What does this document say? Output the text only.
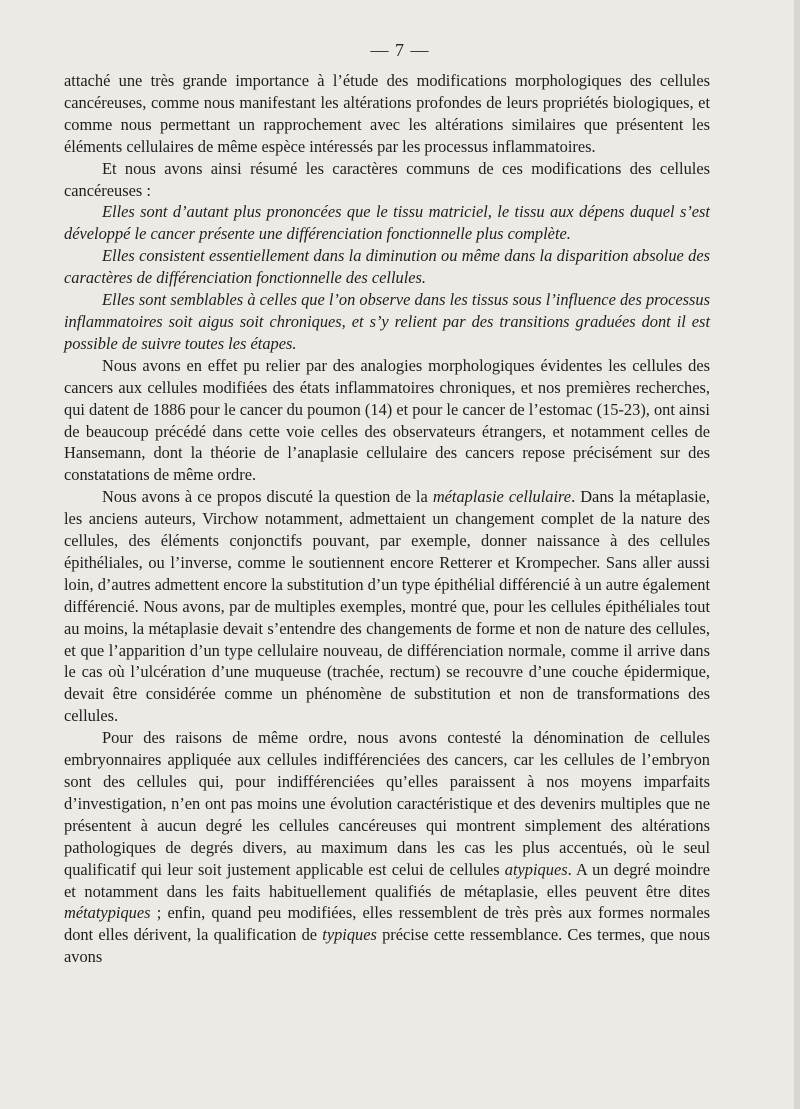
— 7 —

attaché une très grande importance à l’étude des modifications morphologiques des cellules cancéreuses, comme nous manifestant les altérations profondes de leurs propriétés biologiques, et comme nous permettant un rapprochement avec les altérations similaires que présentent les éléments cellulaires de même espèce intéressés par les processus inflammatoires.

Et nous avons ainsi résumé les caractères communs de ces modifications des cellules cancéreuses :

Elles sont d’autant plus prononcées que le tissu matriciel, le tissu aux dépens duquel s’est développé le cancer présente une différenciation fonctionnelle plus complète.

Elles consistent essentiellement dans la diminution ou même dans la disparition absolue des caractères de différenciation fonctionnelle des cellules.

Elles sont semblables à celles que l’on observe dans les tissus sous l’influence des processus inflammatoires soit aigus soit chroniques, et s’y relient par des transitions graduées dont il est possible de suivre toutes les étapes.

Nous avons en effet pu relier par des analogies morphologiques évidentes les cellules des cancers aux cellules modifiées des états inflammatoires chroniques, et nos premières recherches, qui datent de 1886 pour le cancer du poumon (14) et pour le cancer de l’estomac (15-23), ont ainsi de beaucoup précédé dans cette voie celles des observateurs étrangers, et notamment celles de Hansemann, dont la théorie de l’anaplasie cellulaire des cancers repose précisément sur des constatations de même ordre.

Nous avons à ce propos discuté la question de la métaplasie cellulaire. Dans la métaplasie, les anciens auteurs, Virchow notamment, admettaient un changement complet de la nature des cellules, des éléments conjonctifs pouvant, par exemple, donner naissance à des cellules épithéliales, ou l’inverse, comme le soutiennent encore Retterer et Krompecher. Sans aller aussi loin, d’autres admettent encore la substitution d’un type épithélial différencié à un autre également différencié. Nous avons, par de multiples exemples, montré que, pour les cellules épithéliales tout au moins, la métaplasie devait s’entendre des changements de forme et non de nature des cellules, et que l’apparition d’un type cellulaire nouveau, de différenciation normale, comme il arrive dans le cas où l’ulcération d’une muqueuse (trachée, rectum) se recouvre d’une couche épidermique, devait être considérée comme un phénomène de substitution et non de transformations des cellules.

Pour des raisons de même ordre, nous avons contesté la dénomination de cellules embryonnaires appliquée aux cellules indifférenciées des cancers, car les cellules de l’embryon sont des cellules qui, pour indifférenciées qu’elles paraissent à nos moyens imparfaits d’investigation, n’en ont pas moins une évolution caractéristique et des devenirs multiples que ne présentent à aucun degré les cellules cancéreuses qui montrent simplement des altérations pathologiques de degrés divers, au maximum dans les cas les plus accentués, où le seul qualificatif qui leur soit justement applicable est celui de cellules atypiques. A un degré moindre et notamment dans les faits habituellement qualifiés de métaplasie, elles peuvent être dites métatypiques ; enfin, quand peu modifiées, elles ressemblent de très près aux formes normales dont elles dérivent, la qualification de typiques précise cette ressemblance. Ces termes, que nous avons
